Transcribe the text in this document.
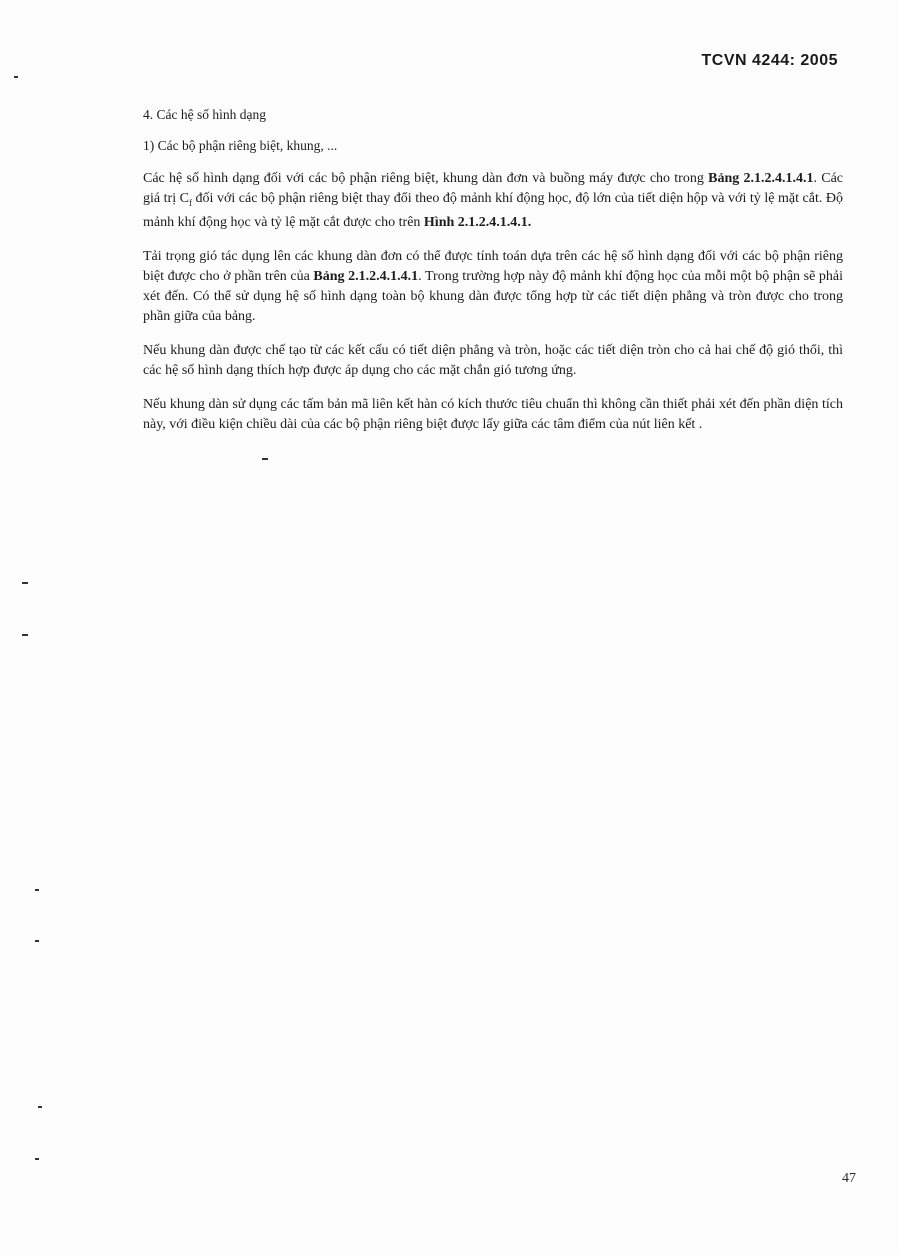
TCVN 4244: 2005

4. Các hệ số hình dạng

1) Các bộ phận riêng biệt, khung, ...

Các hệ số hình dạng đối với các bộ phận riêng biệt, khung dàn đơn và buồng máy được cho trong Bảng 2.1.2.4.1.4.1. Các giá trị $C_f$ đối với các bộ phận riêng biệt thay đổi theo độ mảnh khí động học, độ lớn của tiết diện hộp và với tỷ lệ mặt cắt. Độ mảnh khí động học và tỷ lệ mặt cắt được cho trên Hình 2.1.2.4.1.4.1.

Tải trọng gió tác dụng lên các khung dàn đơn có thể được tính toán dựa trên các hệ số hình dạng đối với các bộ phận riêng biệt được cho ở phần trên của Bảng 2.1.2.4.1.4.1. Trong trường hợp này độ mảnh khí động học của mỗi một bộ phận sẽ phải xét đến. Có thể sử dụng hệ số hình dạng toàn bộ khung dàn được tổng hợp từ các tiết diện phẳng và tròn được cho trong phần giữa của bảng.

Nếu khung dàn được chế tạo từ các kết cấu có tiết diện phẳng và tròn, hoặc các tiết diện tròn cho cả hai chế độ gió thổi, thì các hệ số hình dạng thích hợp được áp dụng cho các mặt chắn gió tương ứng.

Nếu khung dàn sử dụng các tấm bản mã liên kết hàn có kích thước tiêu chuẩn thì không cần thiết phải xét đến phần diện tích này, với điều kiện chiều dài của các bộ phận riêng biệt được lấy giữa các tâm điểm của nút liên kết .

47
